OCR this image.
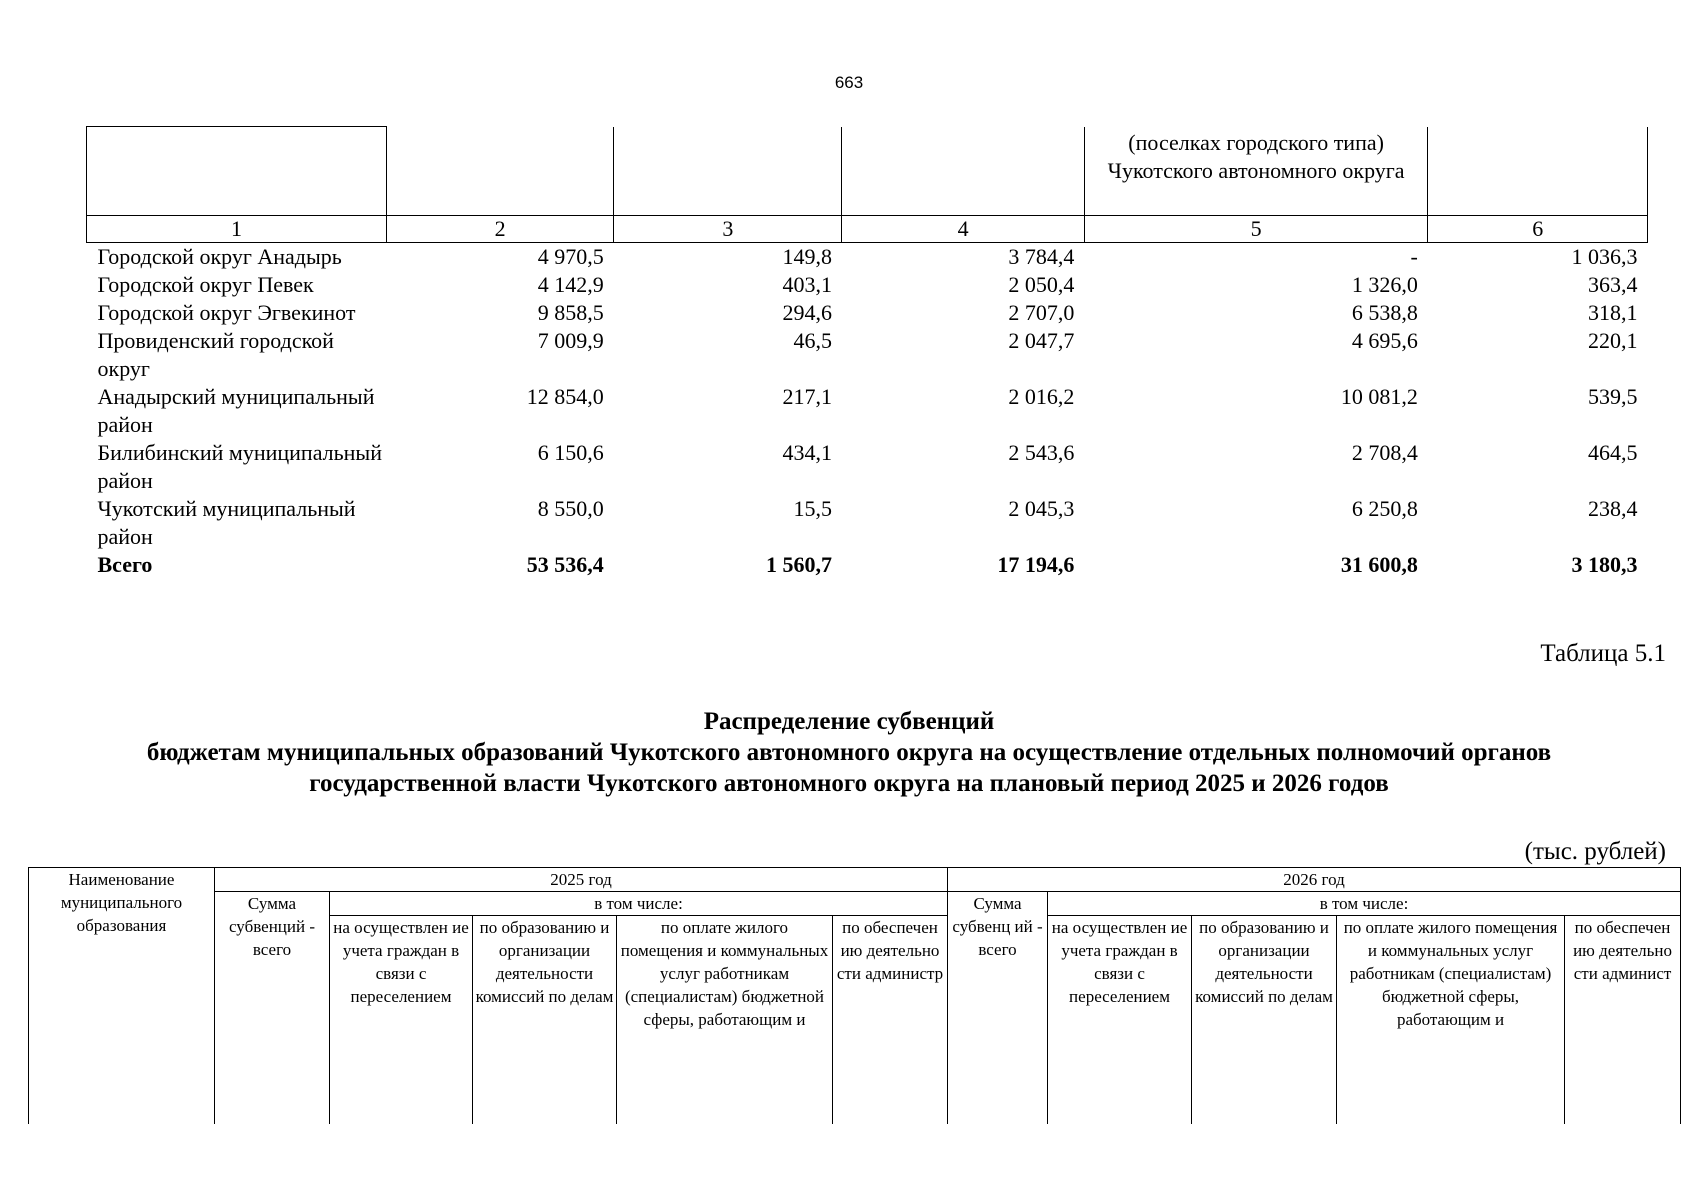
663
				(поселках городского типа) Чукотского автономного округа	
1	2	3	4	5	6
Городской округ Анадырь	4 970,5	149,8	3 784,4	-	1 036,3
Городской округ Певек	4 142,9	403,1	2 050,4	1 326,0	363,4
Городской округ Эгвекинот	9 858,5	294,6	2 707,0	6 538,8	318,1
Провиденский городской округ	7 009,9	46,5	2 047,7	4 695,6	220,1
Анадырский муниципальный район	12 854,0	217,1	2 016,2	10 081,2	539,5
Билибинский муниципальный район	6 150,6	434,1	2 543,6	2 708,4	464,5
Чукотский муниципальный район	8 550,0	15,5	2 045,3	6 250,8	238,4
Всего	53 536,4	1 560,7	17 194,6	31 600,8	3 180,3
Таблица 5.1
Распределение субвенций
бюджетам муниципальных образований Чукотского автономного округа на осуществление отдельных полномочий органов
государственной власти Чукотского автономного округа на плановый период 2025 и 2026 годов
(тыс. рублей)
Наименование муниципального образования	2025 год					2026 год				
	Сумма субвенций - всего	в том числе:				Сумма субвенц ий - всего	в том числе:			
		на осуществлен ие учета граждан в связи с переселением	по образованию и организации деятельности комиссий по делам	по оплате жилого помещения и коммунальных услуг работникам (специалистам) бюджетной сферы, работающим и	по обеспечен ию деятельно сти администр		на осуществлен ие учета граждан в связи с переселением	по образованию и организации деятельности комиссий по делам	по оплате жилого помещения и коммунальных услуг работникам (специалистам) бюджетной сферы, работающим и	по обеспечен ию деятельно сти админист
